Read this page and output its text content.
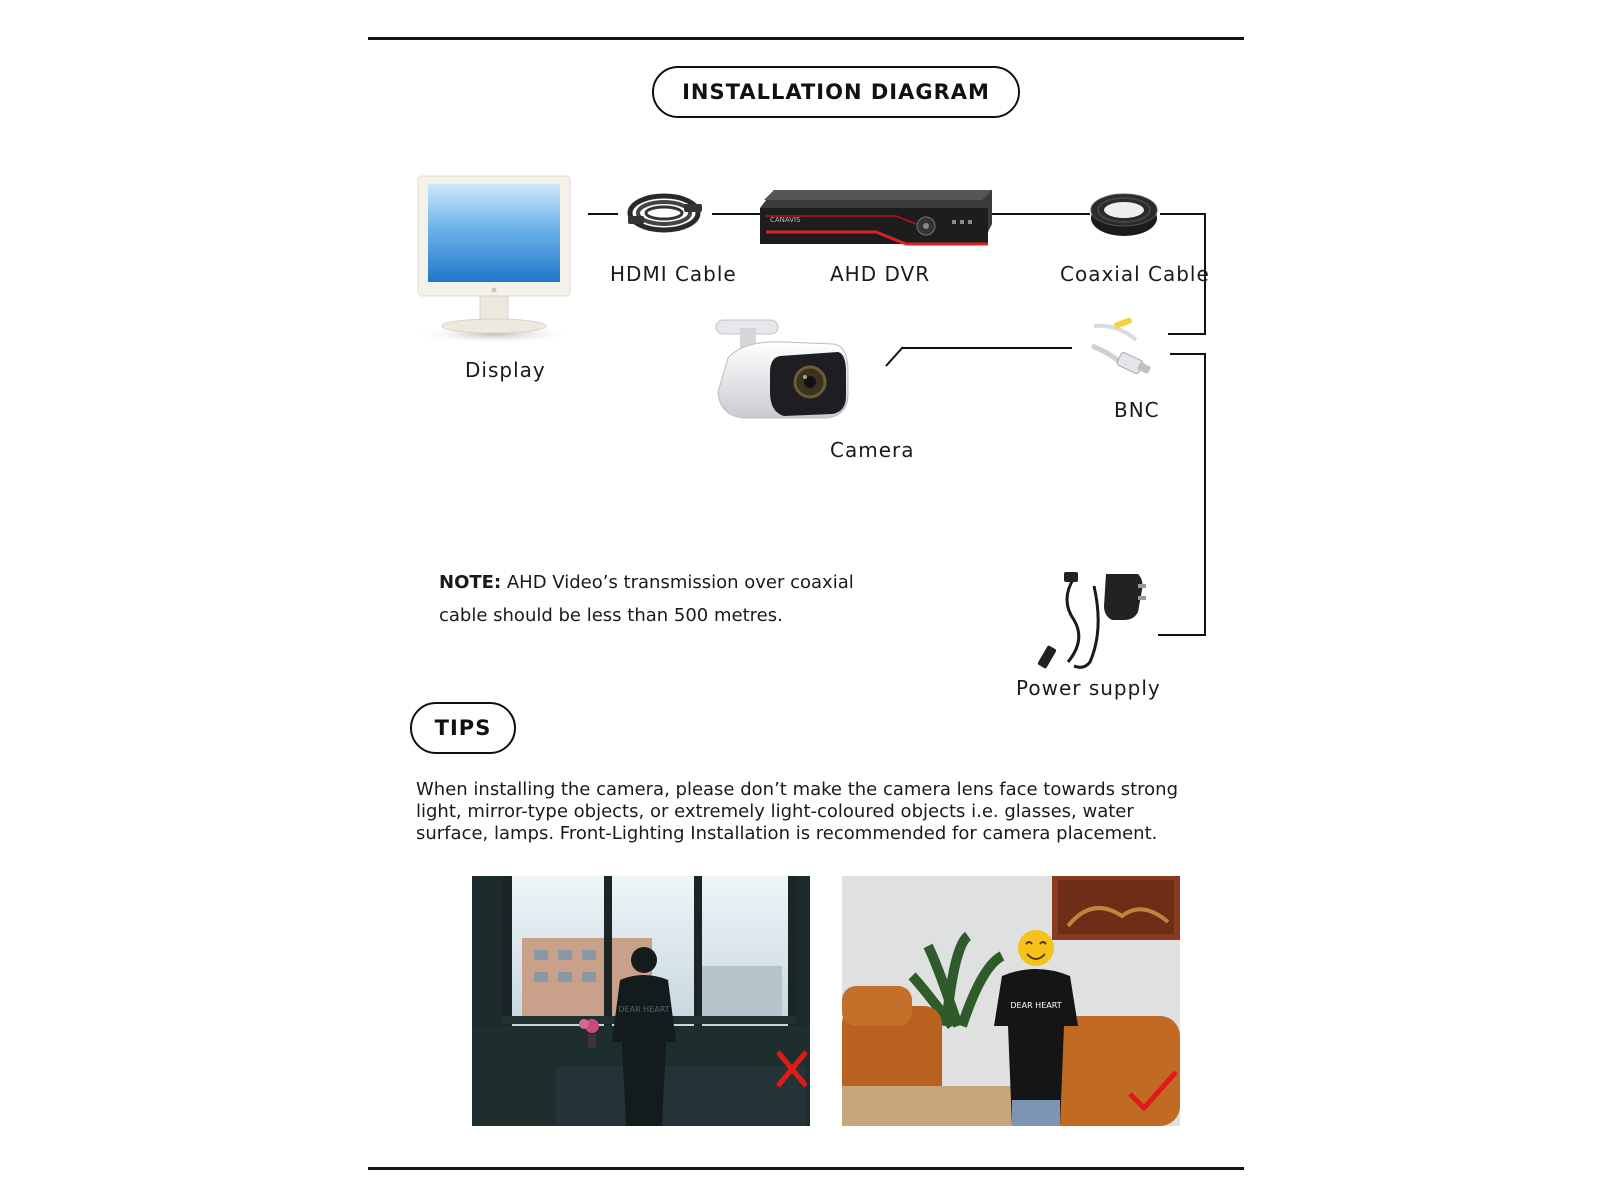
INSTALLATION DIAGRAM
CANAVIS
Display
HDMI Cable	AHD DVR	Coaxial Cable
Camera
BNC
Power supply
NOTE: AHD Video’s transmission over coaxial
cable should be less than 500 metres.
TIPS
When installing the camera, please don’t make the camera lens face towards strong light, mirror-type objects, or extremely light-coloured objects i.e. glasses, water surface, lamps. Front-Lighting Installation is recommended for camera placement.
DEAR HEART	DEAR HEART
